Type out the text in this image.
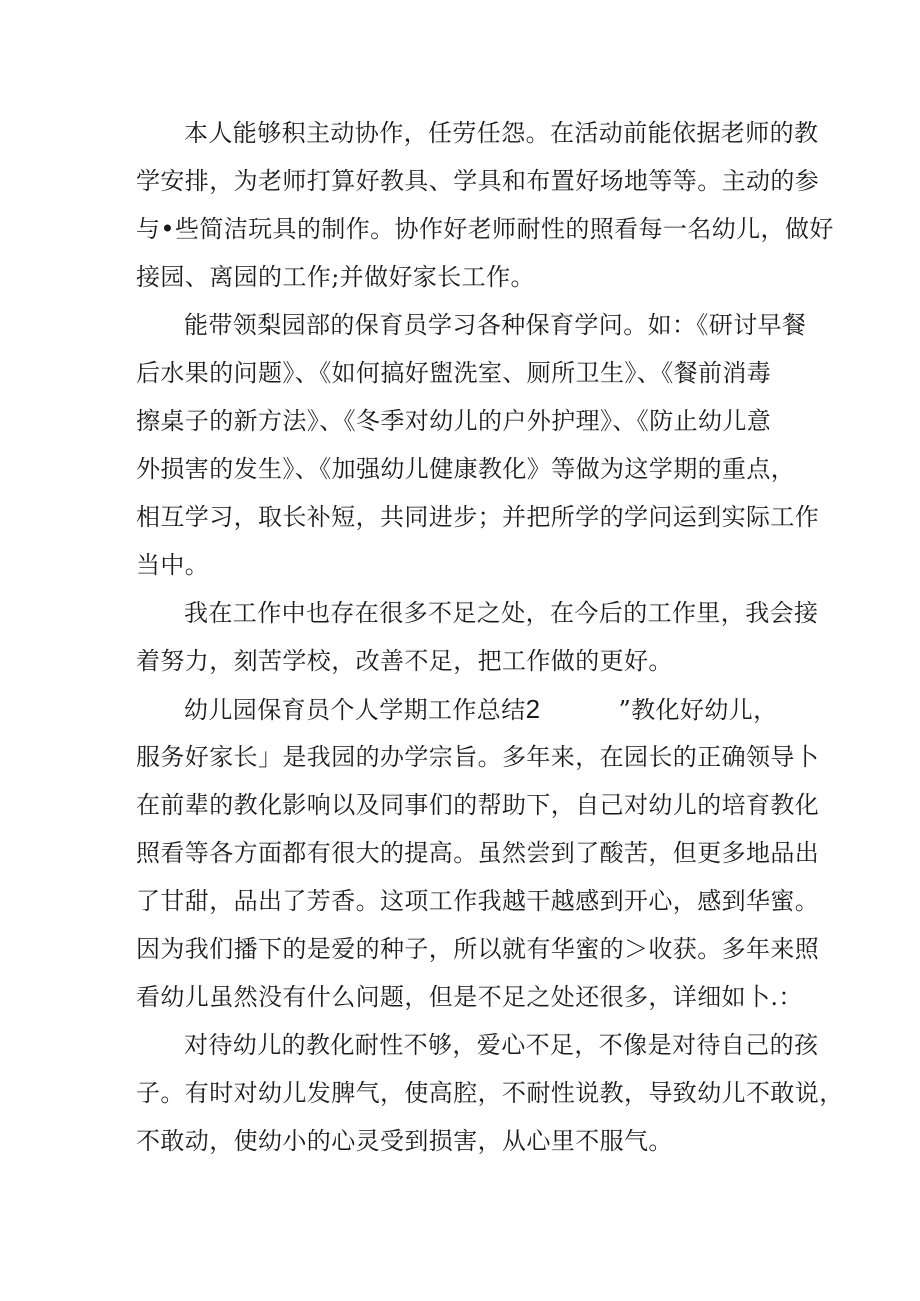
本人能够积主动协作，任劳任怨。在活动前能依据老师的教
学安排，为老师打算好教具、学具和布置好场地等等。主动的参
与•些简洁玩具的制作。协作好老师耐性的照看每一名幼儿，做好
接园、离园的工作;并做好家长工作。
能带领梨园部的保育员学习各种保育学问。如：《研讨早餐
后水果的问题》、《如何搞好盥洗室、厕所卫生》、《餐前消毒
擦桌子的新方法》、《冬季对幼儿的户外护理》、《防止幼儿意
外损害的发生》、《加强幼儿健康教化》等做为这学期的重点，
相互学习，取长补短，共同进步；并把所学的学问运到实际工作
当中。
我在工作中也存在很多不足之处，在今后的工作里，我会接
着努力，刻苦学校，改善不足，把工作做的更好。
幼儿园保育员个人学期工作总结2	”教化好幼儿，
服务好家长」是我园的办学宗旨。多年来，在园长的正确领导卜
在前辈的教化影响以及同事们的帮助下，自己对幼儿的培育教化
照看等各方面都有很大的提高。虽然尝到了酸苦，但更多地品出
了甘甜，品出了芳香。这项工作我越干越感到开心，感到华蜜。
因为我们播下的是爱的种子，所以就有华蜜的＞收获。多年来照
看幼儿虽然没有什么问题，但是不足之处还很多，详细如卜.：
对待幼儿的教化耐性不够，爱心不足，不像是对待自己的孩
子。有时对幼儿发脾气，使高腔，不耐性说教，导致幼儿不敢说，
不敢动，使幼小的心灵受到损害，从心里不服气。
